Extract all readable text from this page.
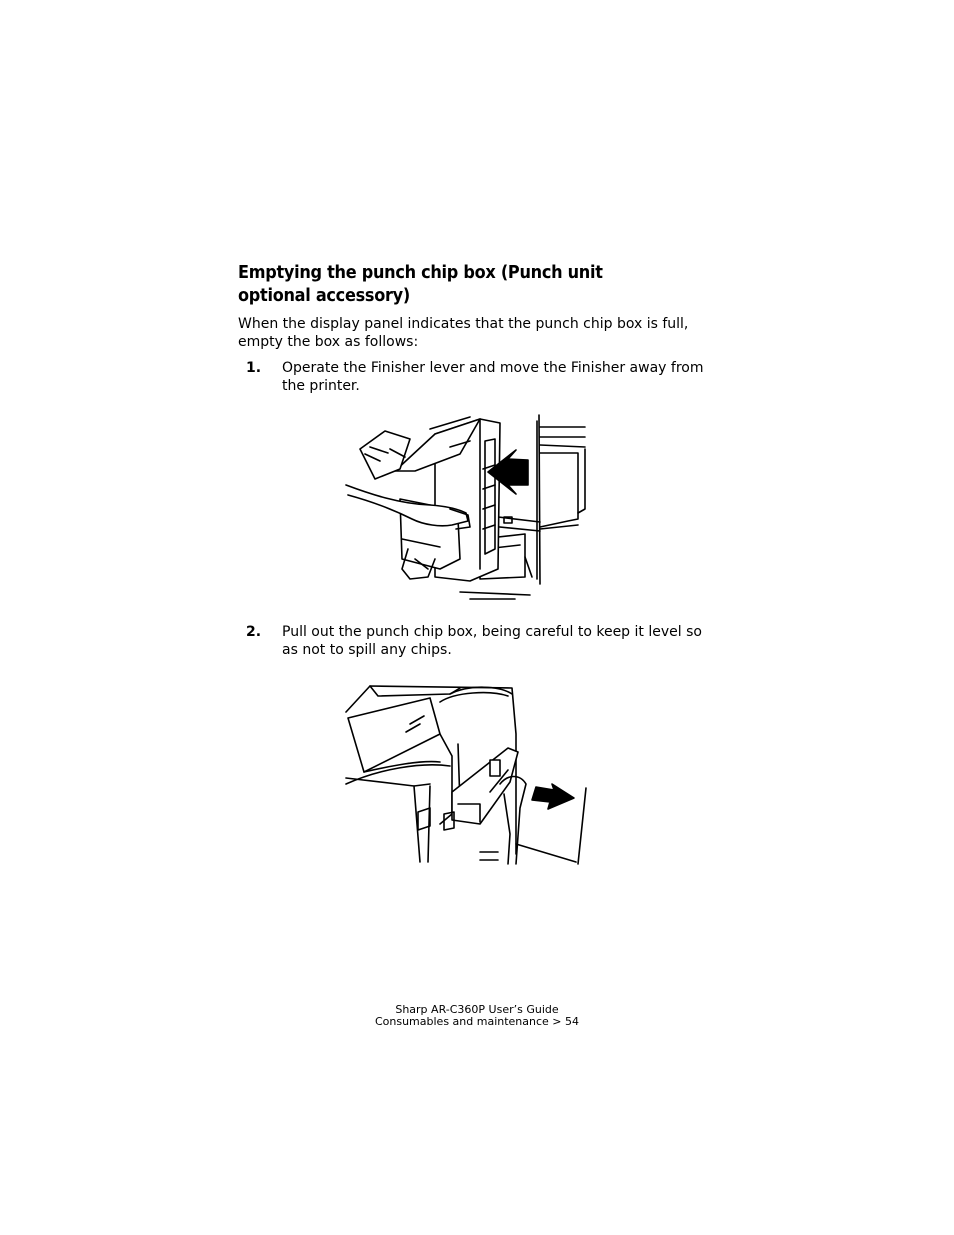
Emptying the punch chip box (Punch unit optional accessory)

When the display panel indicates that the punch chip box is full, empty the box as follows:

1. Operate the Finisher lever and move the Finisher away from the printer.
2. Pull out the punch chip box, being careful to keep it level so as not to spill any chips.
Sharp AR-C360P User’s Guide
Consumables and maintenance > 54
